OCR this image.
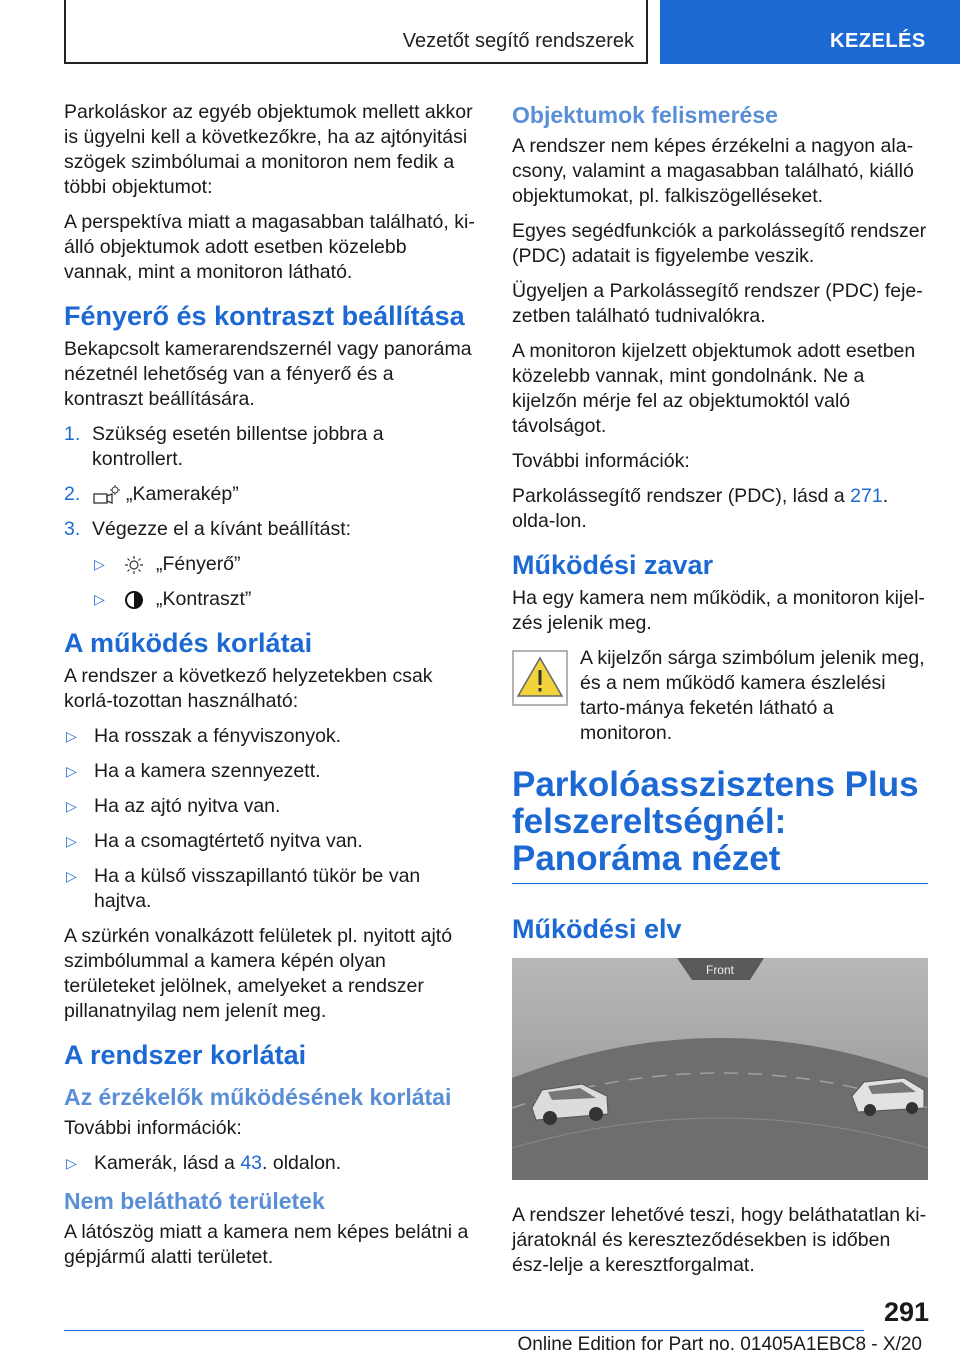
Vezetőt segítő rendszerek	KEZELÉS

Parkoláskor az egyéb objektumok mellett akkor is ügyelni kell a következőkre, ha az ajtónyitási szögek szimbólumai a monitoron nem fedik a többi objektumot:

A perspektíva miatt a magasabban található, ki-álló objektumok adott esetben közelebb vannak, mint a monitoron látható.

Fényerő és kontraszt beállítása

Bekapcsolt kamerarendszernél vagy panoráma nézetnél lehetőség van a fényerő és a kontraszt beállítására.

1. Szükség esetén billentse jobbra a kontrollert.
2.	„Kamerakép”
3. Végezze el a kívánt beállítást:
▷	„Fényerő”
▷	„Kontraszt”
A működés korlátai

A rendszer a következő helyzetekben csak korlá-tozottan használható:

▷ Ha rosszak a fényviszonyok.
▷ Ha a kamera szennyezett.
▷ Ha az ajtó nyitva van.
▷ Ha a csomagtértető nyitva van.
▷ Ha a külső visszapillantó tükör be van hajtva.

A szürkén vonalkázott felületek pl. nyitott ajtó szimbólummal a kamera képén olyan területeket jelölnek, amelyeket a rendszer pillanatnyilag nem jelenít meg.

A rendszer korlátai
Az érzékelők működésének korlátai

További információk:

▷ Kamerák, lásd a 43. oldalon.
Nem belátható területek

A látószög miatt a kamera nem képes belátni a gépjármű alatti területet.

Objektumok felismerése

A rendszer nem képes érzékelni a nagyon ala-csony, valamint a magasabban található, kiálló objektumokat, pl. falkiszögelléseket.

Egyes segédfunkciók a parkolássegítő rendszer (PDC) adatait is figyelembe veszik.

Ügyeljen a Parkolássegítő rendszer (PDC) feje-zetben található tudnivalókra.

A monitoron kijelzett objektumok adott esetben közelebb vannak, mint gondolnánk. Ne a kijelzőn mérje fel az objektumoktól való távolságot.

További információk:

Parkolássegítő rendszer (PDC), lásd a 271. olda-lon.

Működési zavar

Ha egy kamera nem működik, a monitoron kijel-zés jelenik meg.

A kijelzőn sárga szimbólum jelenik meg, és a nem működő kamera észlelési tarto-mánya feketén látható a monitoron.
Parkolóasszisztens Plus felszereltségnél: Panoráma nézet
Működési elv
Front

A rendszer lehetővé teszi, hogy beláthatatlan ki-járatoknál és kereszteződésekben is időben ész-lelje a keresztforgalmat.

291
Online Edition for Part no. 01405A1EBC8 - X/20
